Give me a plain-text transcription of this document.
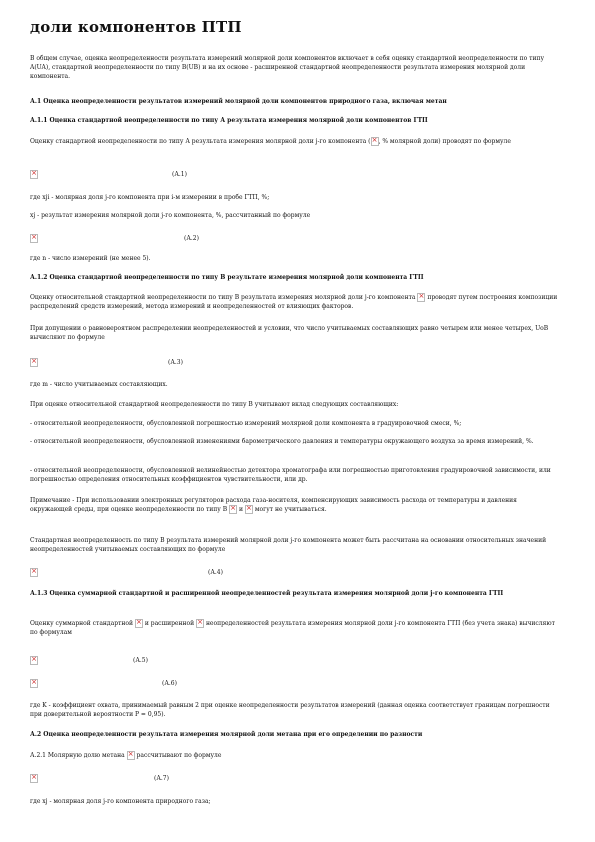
доли компонентов ПТП
В общем случае, оценка неопределенности результата измерений молярной доли компонентов включает в себя оценку стандартной неопределенности по типу A(UA), стандартной неопределенности по типу B(UB) и на их основе - расширенной стандартной неопределенности результата измерения молярной доли компонента.
А.1 Оценка неопределенности результатов измерений молярной доли компонентов природного газа, включая метан
А.1.1 Оценка стандартной неопределенности по типу А результата измерения молярной доли компонентов ГТП
Оценку стандартной неопределенности по типу А результата измерения молярной доли j-го компонента ( × , % молярной доли) проводят по формуле
×
(А.1)
где xji - молярная доля j-го компонента при i-м измерении в пробе ГТП, %;
xj - результат измерения молярной доли j-го компонента, %, рассчитанный по формуле
×
(А.2)
где n - число измерений (не менее 5).
А.1.2 Оценка стандартной неопределенности по типу В результате измерения молярной доли компонента ГТП
Оценку относительной стандартной неопределенности по типу В результата измерения молярной доли j-го компонента × проводят путем построения композиции распределений средств измерений, метода измерений и неопределенностей от влияющих факторов.
При допущении о равновероятном распределении неопределенностей и условии, что число учитываемых составляющих равно четырем или менее четырех, UoB вычисляют по формуле
×
(А.3)
где m - число учитываемых составляющих.
При оценке относительной стандартной неопределенности по типу В учитывают вклад следующих составляющих:
- относительной неопределенности, обусловленной погрешностью измерений молярной доли компонента в градуировочной смеси, %;
- относительной неопределенности, обусловленной изменениями барометрического давления и температуры окружающего воздуха за время измерений, %.
- относительной неопределенности, обусловленной нелинейностью детектора хроматографа или погрешностью приготовления градуировочной зависимости, или погрешностью определения относительных коэффициентов чувствительности, или др.
Примечание - При использовании электронных регуляторов расхода газа-носителя, компенсирующих зависимость расхода от температуры и давления окружающей среды, при оценке неопределенности по типу В × и × могут не учитываться.
Стандартная неопределенность по типу В результата измерений молярной доли j-го компонента может быть рассчитана на основании относительных значений неопределенностей учитываемых составляющих по формуле
×
(А.4)
А.1.3 Оценка суммарной стандартной и расширенной неопределенностей результата измерения молярной доли j-го компонента ГТП
Оценку суммарной стандартной × и расширенной × неопределенностей результата измерения молярной доли j-го компонента ГТП (без учета знака) вычисляют по формулам
×
(А.5)
×
(А.6)
где K - коэффициент охвата, принимаемый равным 2 при оценке неопределенности результатов измерений (данная оценка соответствует границам погрешности при доверительной вероятности P = 0,95).
А.2 Оценка неопределенности результата измерения молярной доли метана при его определении по разности
А.2.1 Молярную долю метана × рассчитывают по формуле
×
(А.7)
где xj - молярная доля j-го компонента природного газа;
